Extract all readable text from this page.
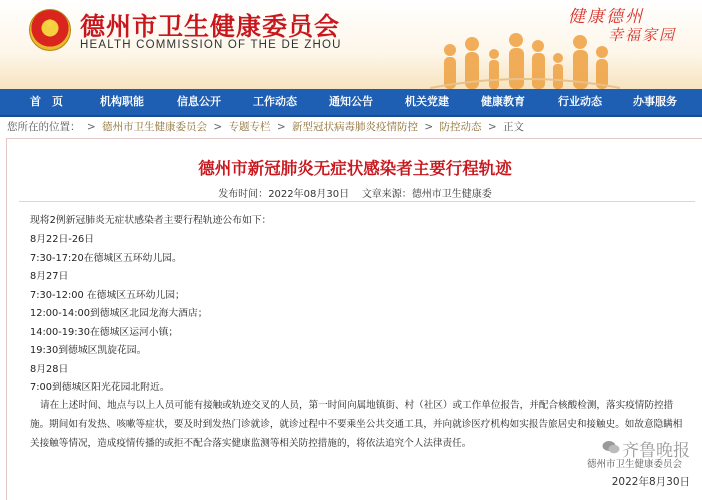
★ 德州市卫生健康委员会
HEALTH COMMISSION OF THE DE ZHOU
健康德州
幸福家园
首　页	机构职能	信息公开	工作动态	通知公告	机关党建	健康教育	行业动态	办事服务
您所在的位置： > 德州市卫生健康委员会 > 专题专栏 > 新型冠状病毒肺炎疫情防控 > 防控动态 > 正文
德州市新冠肺炎无症状感染者主要行程轨迹
发布时间：2022年08月30日 文章来源：德州市卫生健康委
现将2例新冠肺炎无症状感染者主要行程轨迹公布如下：
8月22日-26日
7:30-17:20在德城区五环幼儿园。
8月27日
7:30-12:00 在德城区五环幼儿园；
12:00-14:00到德城区北园龙海大酒店；
14:00-19:30在德城区运河小镇；
19:30到德城区凯旋花园。
8月28日
7:00到德城区阳光花园北附近。
请在上述时间、地点与以上人员可能有接触或轨迹交叉的人员，第一时间向属地镇街、村（社区）或工作单位报告，并配合核酸检测，落实疫情防控措施。期间如有发热、咳嗽等症状，要及时到发热门诊就诊，就诊过程中不要乘坐公共交通工具，并向就诊医疗机构如实报告旅居史和接触史。如故意隐瞒相关接触等情况，造成疫情传播的或拒不配合落实健康监测等相关防控措施的，将依法追究个人法律责任。	齐鲁晚报
德州市卫生健康委员会
2022年8月30日
